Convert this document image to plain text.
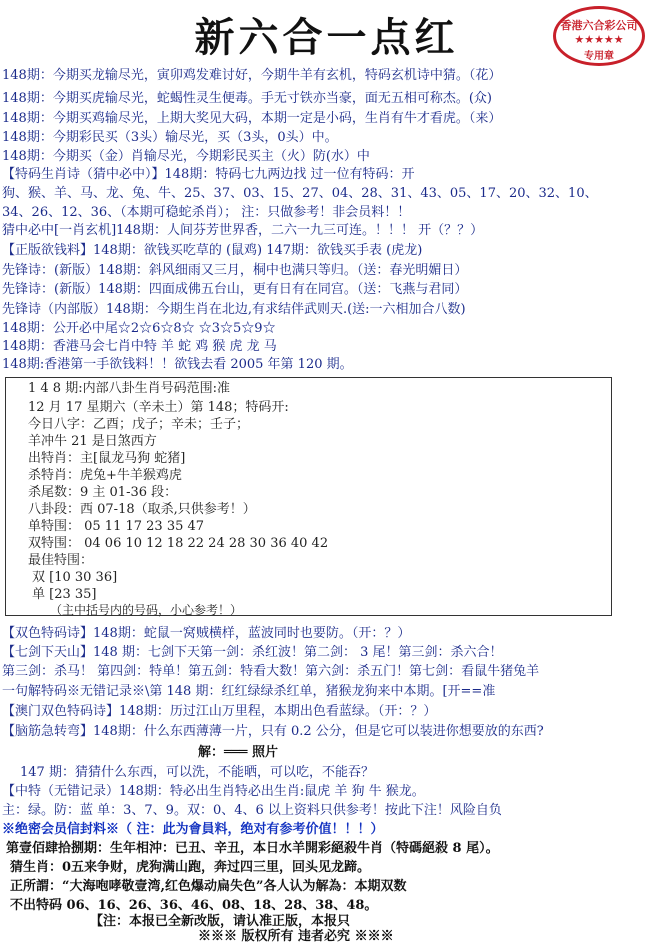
新六合一点红	香港六合彩公司
★★★★★
专用章
148期：今期买龙输尽光，寅卯鸡发难讨好，今期牛羊有玄机，特码玄机诗中猜。（花）
148期：今期买虎输尽光，蛇蝎性灵生便毒。手无寸铁亦当豪，面无五相可称杰。(众)
148期：今期买鸡输尽光，上期大奖见大码，本期一定是小码，生肖有牛才看虎。（来）
148期：今期彩民买（3头）输尽光，买（3头，0头）中。
148期：今期买（金）肖输尽光，今期彩民买主（火）防(水）中
【特码生肖诗（猜中必中）】148期：特码七九两边找 过一位有特码：开
狗、猴、羊、马、龙、兔、牛、25、37、03、15、27、04、28、31、43、05、17、20、32、10、
34、26、12、36、（本期可稳蛇杀肖）； 注：只做参考！非会员料！！
猜中必中[一肖玄机]148期：人间芬芳世界香，二六一九三可连。！！！ 开（？？）
【正版欲钱料】148期：欲钱买吃草的 (鼠鸡) 147期：欲钱买手表 (虎龙)
先锋诗：(新版）148期：斜风细雨又三月，桐中也满只等归。（送：春光明媚日）
先锋诗：(新版）148期：四面成佛五台山，更有日有在同宫。（送：飞燕与君同）
先锋诗（内部版）148期：今期生肖在北边,有求结伴武则天.(送:一六相加合八数)
148期：公开必中尾☆2☆6☆8☆ ☆3☆5☆9☆
148期：香港马会七肖中特 羊 蛇 鸡 猴 虎 龙 马
148期:香港第一手欲钱料！！欲钱去看 2005 年第 120 期。
1 4 8 期:内部八卦生肖号码范围:准
12 月 17 星期六（辛未土）第 148；特码开:
今日八字：乙酉；戊子；辛未；壬子；
羊冲牛 21 是日煞西方
出特肖：主[鼠龙马狗 蛇猪]
杀特肖：虎兔+牛羊猴鸡虎
杀尾数：9 主 01-36 段：
八卦段：西 07-18（取杀,只供参考！）
单特围： 05 11 17 23 35 47
双特围： 04 06 10 12 18 22 24 28 30 36 40 42
最佳特围：
双 [10 30 36]
单 [23 35]
（主中括号内的号码，小心参考！）
【双色特码诗】148期：蛇鼠一窝贼横样，蓝波同时也要防。（开：？）
【七剑下天山】148 期：七剑下天第一剑：杀红波！第二剑： 3 尾！第三剑：杀六合！
第三剑：杀马！ 第四剑：特单！第五剑：特看大数！第六剑：杀五门！第七剑：看鼠牛猪兔羊
一句解特码※无错记录※\第 148 期：红红绿绿杀红单，猪猴龙狗来中本期。[开==准
【澳门双色特码诗】148期：历过江山万里程，本期出色看蓝绿。（开：？）
【脑筋急转弯】148期：什么东西薄薄一片，只有 0.2 公分，但是它可以装进你想要放的东西?
解：═══ 照片
147 期：猜猜什么东西，可以洗，不能晒，可以吃，不能吞？
【中特（无错记录）148期：特必出生肖特必出生肖:鼠虎 羊 狗 牛 猴龙。
主：绿。防：蓝 单：3、7、9。双：0、4、6 以上资料只供参考！按此下注！风险自负
※绝密会员信封料※（ 注：此为會員料，绝对有参考价值！！！）
第壹佰肆拾捌期：生年相沖：已丑、辛丑，本日水羊開彩絕殺牛肖（特碼絕殺 8 尾）。
猜生肖：0五来争财，虎狗满山跑，奔过四三里，回头见龙蹄。
正所謂：“大海咆哮敬壹湾,红色爆动扁失色”各人认为解為：本期双数
不出特码 06、16、26、36、46、08、18、28、38、48。
【注：本报已全新改版，请认准正版，本报只
※※※ 版权所有 违者必究 ※※※
